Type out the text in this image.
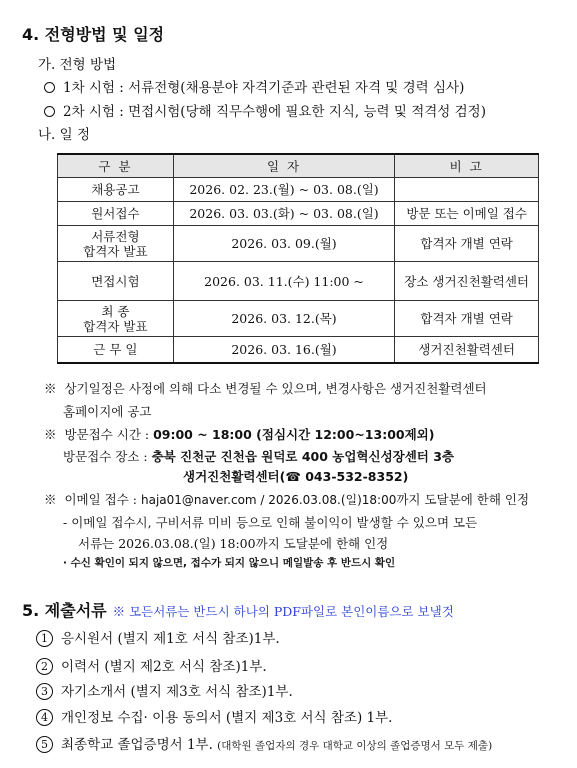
4. 전형방법 및 일정
가. 전형 방법
1차 시험 : 서류전형(채용분야 자격기준과 관련된 자격 및 경력 심사)
2차 시험 : 면접시험(당해 직무수행에 필요한 지식, 능력 및 적격성 검정)
나. 일 정
구 분	일 자	비 고
채용공고	2026. 02. 23.(월) ~ 03. 08.(일)	
원서접수	2026. 03. 03.(화) ~ 03. 08.(일)	방문 또는 이메일 접수
서류전형
합격자 발표	2026. 03. 09.(월)	합격자 개별 연락
면접시험	2026. 03. 11.(수) 11:00 ~	장소 생거진천활력센터
최 종
합격자 발표	2026. 03. 12.(목)	합격자 개별 연락
근 무 일	2026. 03. 16.(월)	생거진천활력센터
※ 상기일정은 사정에 의해 다소 변경될 수 있으며, 변경사항은 생거진천활력센터
홈페이지에 공고
※ 방문접수 시간 : 09:00 ~ 18:00 (점심시간 12:00~13:00제외)
방문접수 장소 : 충북 진천군 진천읍 원덕로 400 농업혁신성장센터 3층
생거진천활력센터(☎ 043-532-8352)
※ 이메일 접수 : haja01@naver.com / 2026.03.08.(일)18:00까지 도달분에 한해 인정
- 이메일 접수시, 구비서류 미비 등으로 인해 불이익이 발생할 수 있으며 모든
서류는 2026.03.08.(일) 18:00까지 도달분에 한해 인정
· 수신 확인이 되지 않으면, 접수가 되지 않으니 메일발송 후 반드시 확인
5. 제출서류 ※ 모든서류는 반드시 하나의 PDF파일로 본인이름으로 보낼것
1 응시원서 (별지 제1호 서식 참조)1부.
2 이력서 (별지 제2호 서식 참조)1부.
3 자기소개서 (별지 제3호 서식 참조)1부.
4 개인정보 수집· 이용 동의서 (별지 제3호 서식 참조) 1부.
5 최종학교 졸업증명서 1부. (대학원 졸업자의 경우 대학교 이상의 졸업증명서 모두 제출)
